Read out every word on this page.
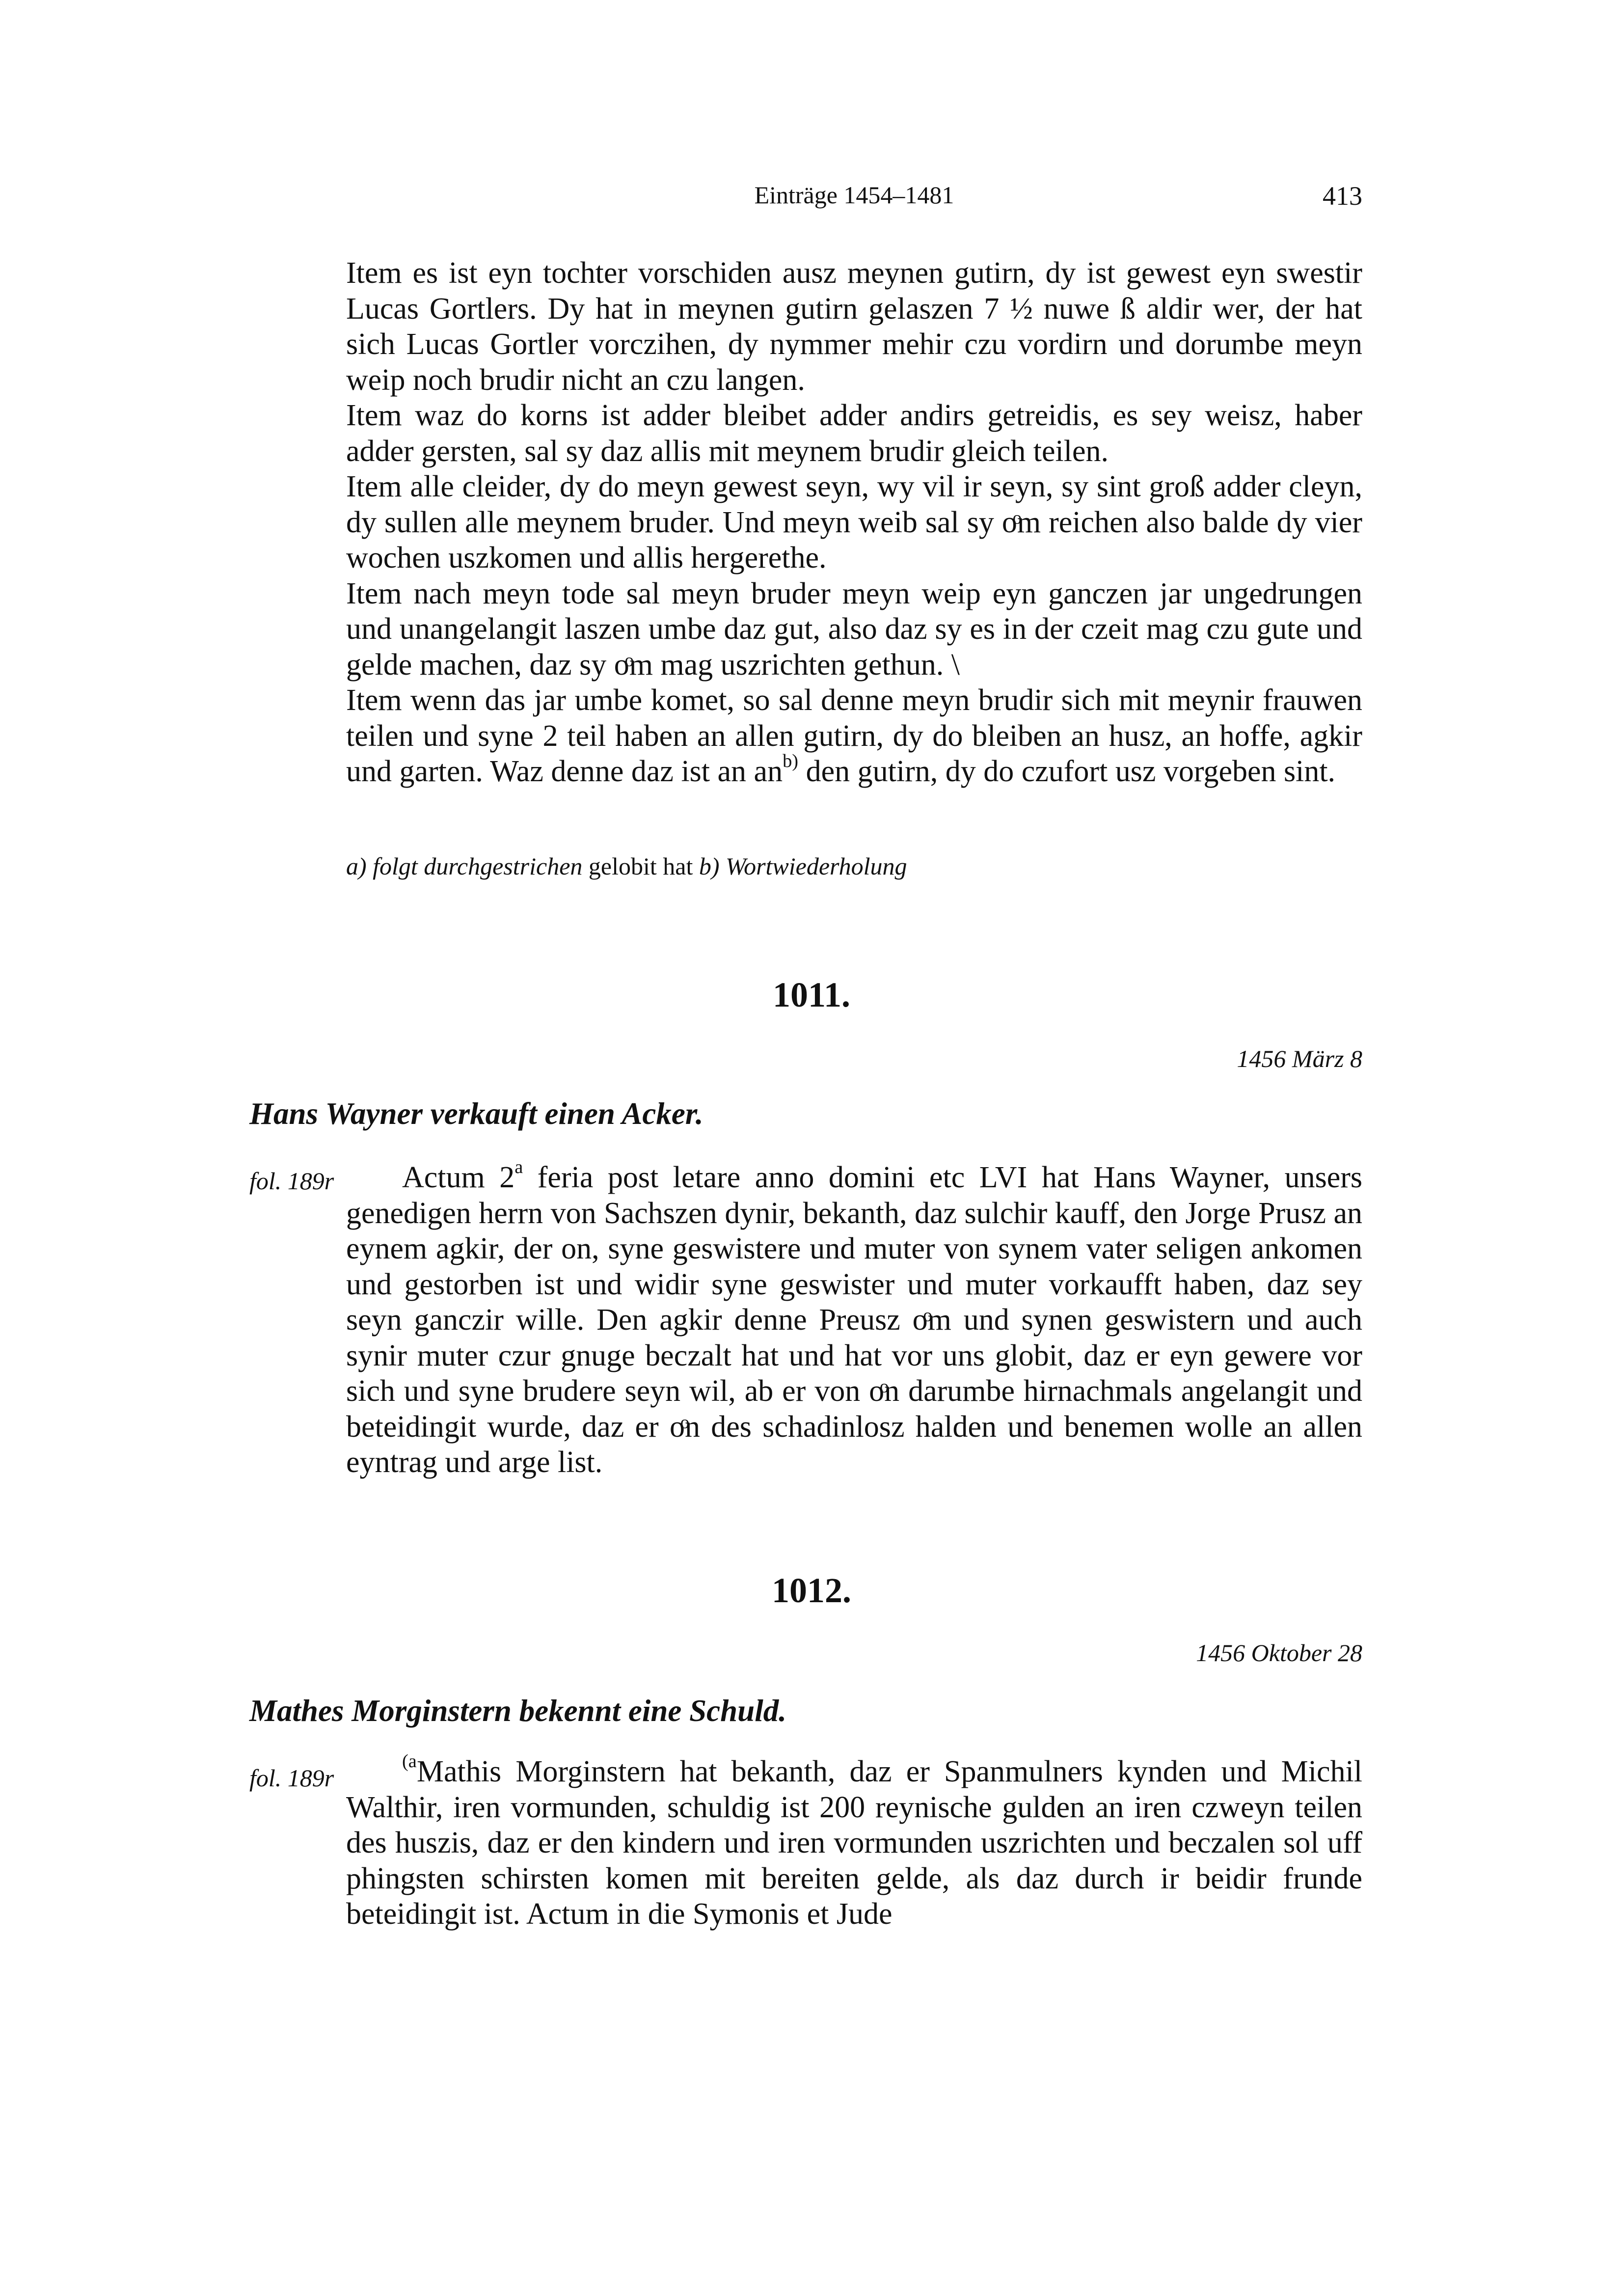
Einträge 1454–1481	413

Item es ist eyn tochter vorschiden ausz meynen gutirn, dy ist gewest eyn swestir Lucas Gortlers. Dy hat in meynen gutirn gelaszen 7 ½ nuwe ß aldir wer, der hat sich Lucas Gortler vorczihen, dy nymmer mehir czu vordirn und dorumbe meyn weip noch brudir nicht an czu langen.

Item waz do korns ist adder bleibet adder andirs getreidis, es sey weisz, haber adder gersten, sal sy daz allis mit meynem brudir gleich teilen.

Item alle cleider, dy do meyn gewest seyn, wy vil ir seyn, sy sint groß adder cleyn, dy sullen alle meynem bruder. Und meyn weib sal sy oͦm reichen also balde dy vier wochen uszkomen und allis hergerethe.

Item nach meyn tode sal meyn bruder meyn weip eyn ganczen jar ungedrungen und unangelangit laszen umbe daz gut, also daz sy es in der czeit mag czu gute und gelde machen, daz sy oͦm mag uszrichten gethun. \

Item wenn das jar umbe komet, so sal denne meyn brudir sich mit meynir frauwen teilen und syne 2 teil haben an allen gutirn, dy do bleiben an husz, an hoffe, agkir und garten. Waz denne daz ist an $an^{b)}$ den gutirn, dy do czufort usz vorgeben sint.

a) folgt durchgestrichen gelobit hat b) Wortwiederholung
1011.
1456 März 8
Hans Wayner verkauft einen Acker.
fol. 189r	Actum 2$^a$ feria post letare anno domini etc LVI hat Hans Wayner, unsers genedigen herrn von Sachszen dynir, bekanth, daz sulchir kauff, den Jorge Prusz an eynem agkir, der on, syne geswistere und muter von synem vater seligen ankomen und gestorben ist und widir syne geswister und muter vorkaufft haben, daz sey seyn ganczir wille. Den agkir denne Preusz oͦm und synen geswistern und auch synir muter czur gnuge beczalt hat und hat vor uns globit, daz er eyn gewere vor sich und syne brudere seyn wil, ab er von oͦn darumbe hirnachmals angelangit und beteidingit wurde, daz er oͦn des schadinlosz halden und benemen wolle an allen eyntrag und arge list.

1012.
1456 Oktober 28
Mathes Morginstern bekennt eine Schuld.
fol. 189r

$^{(a}$Mathis Morginstern hat bekanth, daz er Spanmulners kynden und Michil Walthir, iren vormunden, schuldig ist 200 reynische gulden an iren czweyn teilen des huszis, daz er den kindern und iren vormunden uszrichten und beczalen sol uff phingsten schirsten komen mit bereiten gelde, als daz durch ir beidir frunde beteidingit ist. Actum in die Symonis et Jude
